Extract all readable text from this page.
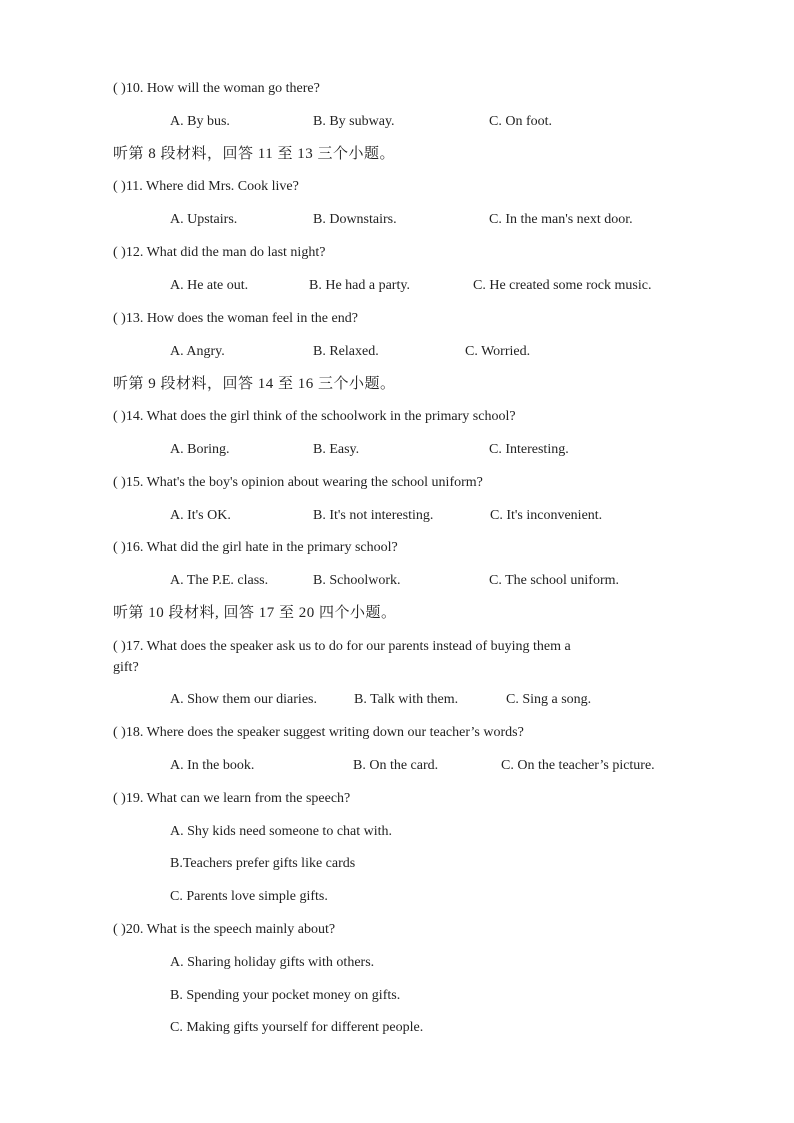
( )10. How will the woman go there?
A. By bus.	B. By subway.	C. On foot.
听第 8 段材料，回答 11 至 13 三个小题。
( )11. Where did Mrs. Cook live?
A. Upstairs.	B. Downstairs.	C. In the man's next door.
( )12. What did the man do last night?
A. He ate out.	B. He had a party.	C. He created some rock music.
( )13. How does the woman feel in the end?
A. Angry.	B. Relaxed.	C. Worried.
听第 9 段材料，回答 14 至 16 三个小题。
( )14. What does the girl think of the schoolwork in the primary school?
A. Boring.	B. Easy.	C. Interesting.
( )15. What's the boy's opinion about wearing the school uniform?
A. It's OK.	B. It's not interesting.	C. It's inconvenient.
( )16. What did the girl hate in the primary school?
A. The P.E. class.	B. Schoolwork.	C. The school uniform.
听第 10 段材料, 回答 17 至 20 四个小题。
( )17. What does the speaker ask us to do for our parents instead of buying them a
gift?
A. Show them our diaries.	B. Talk with them.	C. Sing a song.
( )18. Where does the speaker suggest writing down our teacher’s words?
A. In the book.	B. On the card.	C. On the teacher’s picture.
( )19. What can we learn from the speech?
A. Shy kids need someone to chat with.
B.Teachers prefer gifts like cards
C. Parents love simple gifts.
( )20. What is the speech mainly about?
A. Sharing holiday gifts with others.
B. Spending your pocket money on gifts.
C. Making gifts yourself for different people.
